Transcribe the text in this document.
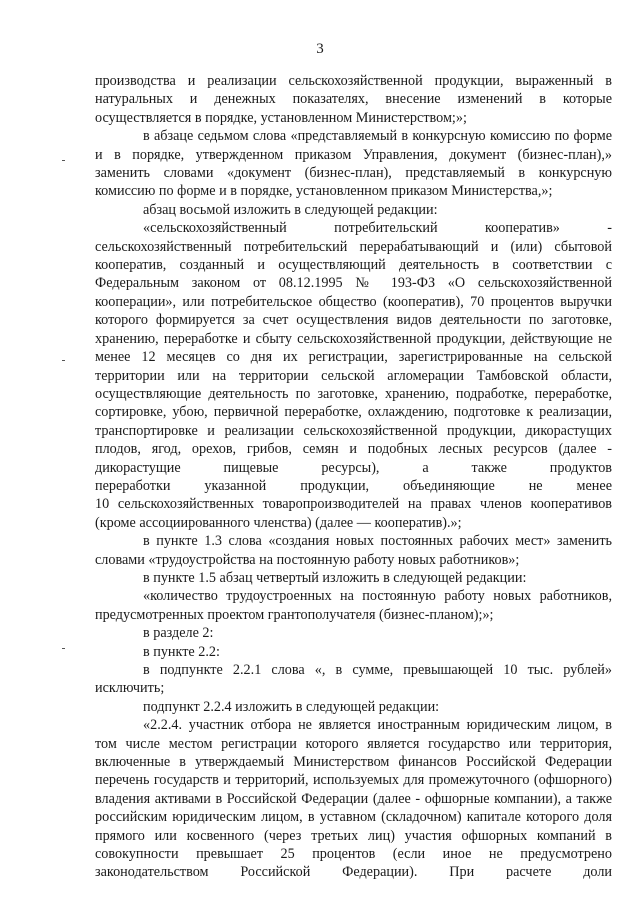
3

производства и реализации сельскохозяйственной продукции, выраженный в натуральных и денежных показателях, внесение изменений в которые осуществляется в порядке, установленном Министерством;»;

в абзаце седьмом слова «представляемый в конкурсную комиссию по форме и в порядке, утвержденном приказом Управления, документ (бизнес-план),» заменить словами «документ (бизнес-план), представляемый в конкурсную комиссию по форме и в порядке, установленном приказом Министерства,»;

абзац восьмой изложить в следующей редакции:

«сельскохозяйственный потребительский кооператив» -

сельскохозяйственный потребительский перерабатывающий и (или) сбытовой кооператив, созданный и осуществляющий деятельность в соответствии с Федеральным законом от 08.12.1995 № 193-ФЗ «О сельскохозяйственной кооперации», или потребительское общество (кооператив), 70 процентов выручки которого формируется за счет осуществления видов деятельности по заготовке, хранению, переработке и сбыту сельскохозяйственной продукции, действующие не менее 12 месяцев со дня их регистрации, зарегистрированные на сельской территории или на территории сельской агломерации Тамбовской области, осуществляющие деятельность по заготовке, хранению, подработке, переработке, сортировке, убою, первичной переработке, охлаждению, подготовке к реализации, транспортировке и реализации сельскохозяйственной продукции, дикорастущих плодов, ягод, орехов, грибов, семян и подобных лесных ресурсов (далее - дикорастущие пищевые ресурсы), а также продуктов

переработки указанной продукции, объединяющие не менее

10 сельскохозяйственных товаропроизводителей на правах членов кооперативов (кроме ассоциированного членства) (далее — кооператив).»;

в пункте 1.3 слова «создания новых постоянных рабочих мест» заменить словами «трудоустройства на постоянную работу новых работников»;

в пункте 1.5 абзац четвертый изложить в следующей редакции:

«количество трудоустроенных на постоянную работу новых работников, предусмотренных проектом грантополучателя (бизнес-планом);»;

в разделе 2:

в пункте 2.2:

в подпункте 2.2.1 слова «, в сумме, превышающей 10 тыс. рублей» исключить;

подпункт 2.2.4 изложить в следующей редакции:

«2.2.4. участник отбора не является иностранным юридическим лицом, в том числе местом регистрации которого является государство или территория, включенные в утверждаемый Министерством финансов Российской Федерации перечень государств и территорий, используемых для промежуточного (офшорного) владения активами в Российской Федерации (далее - офшорные компании), а также российским юридическим лицом, в уставном (складочном) капитале которого доля прямого или косвенного (через третьих лиц) участия офшорных компаний в совокупности превышает 25 процентов (если иное не предусмотрено законодательством Российской Федерации). При расчете доли
